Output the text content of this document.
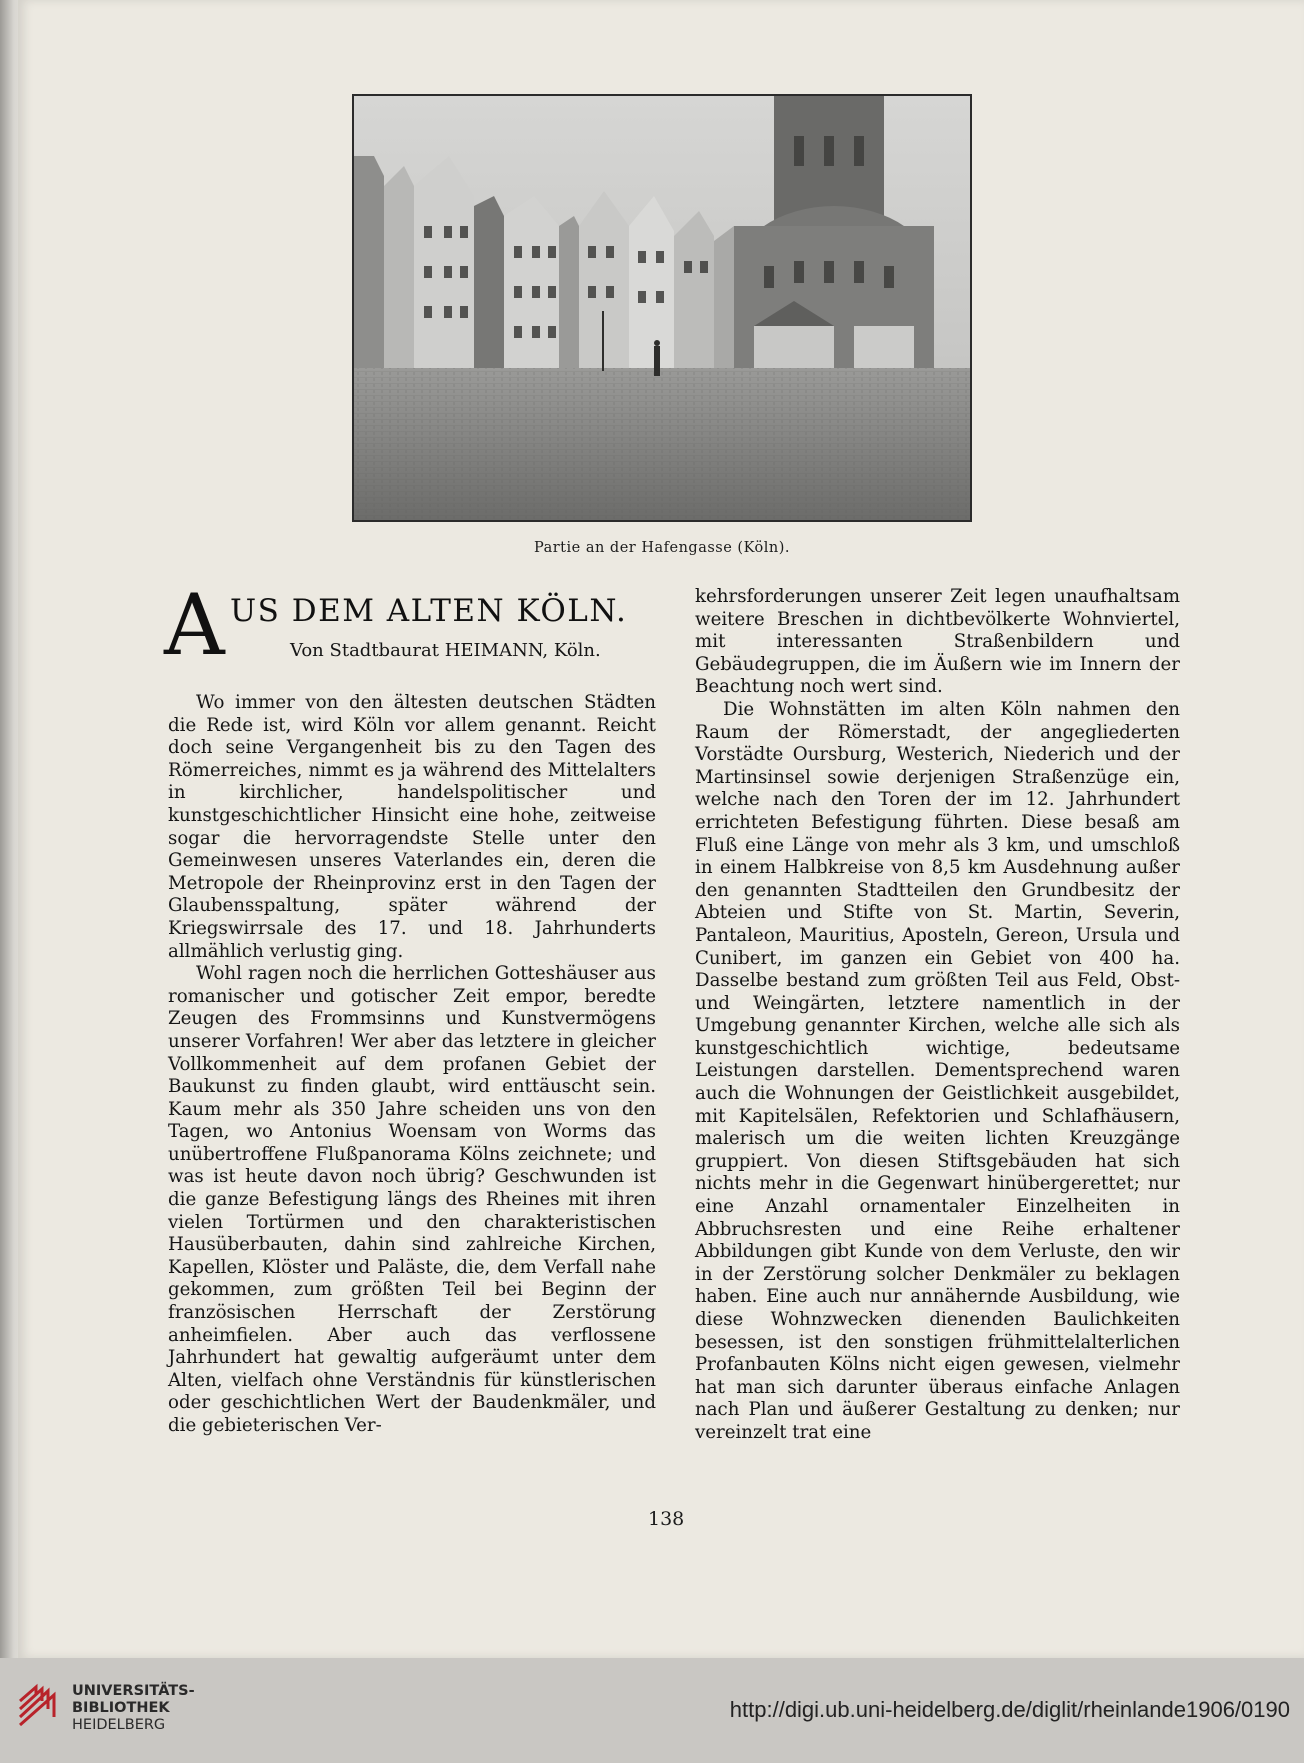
Partie an der Hafengasse (Köln).
A US DEM ALTEN KÖLN.
Von Stadtbaurat HEIMANN, Köln.

Wo immer von den ältesten deutschen Städten die Rede ist, wird Köln vor allem genannt. Reicht doch seine Vergangenheit bis zu den Tagen des Römerreiches, nimmt es ja während des Mittelalters in kirchlicher, handelspolitischer und kunstgeschichtlicher Hinsicht eine hohe, zeitweise sogar die hervorragendste Stelle unter den Gemeinwesen unseres Vaterlandes ein, deren die Metropole der Rheinprovinz erst in den Tagen der Glaubensspaltung, später während der Kriegswirrsale des 17. und 18. Jahrhunderts allmählich verlustig ging.

Wohl ragen noch die herrlichen Gotteshäuser aus romanischer und gotischer Zeit empor, beredte Zeugen des Frommsinns und Kunstvermögens unserer Vorfahren! Wer aber das letztere in gleicher Vollkommenheit auf dem profanen Gebiet der Baukunst zu finden glaubt, wird enttäuscht sein. Kaum mehr als 350 Jahre scheiden uns von den Tagen, wo Antonius Woensam von Worms das unübertroffene Flußpanorama Kölns zeichnete; und was ist heute davon noch übrig? Geschwunden ist die ganze Befestigung längs des Rheines mit ihren vielen Tortürmen und den charakteristischen Hausüberbauten, dahin sind zahlreiche Kirchen, Kapellen, Klöster und Paläste, die, dem Verfall nahe gekommen, zum größten Teil bei Beginn der französischen Herrschaft der Zerstörung anheimfielen. Aber auch das verflossene Jahrhundert hat gewaltig aufgeräumt unter dem Alten, vielfach ohne Verständnis für künstlerischen oder geschichtlichen Wert der Baudenkmäler, und die gebieterischen Ver-

kehrsforderungen unserer Zeit legen unaufhaltsam weitere Breschen in dichtbevölkerte Wohnviertel, mit interessanten Straßenbildern und Gebäudegruppen, die im Äußern wie im Innern der Beachtung noch wert sind.

Die Wohnstätten im alten Köln nahmen den Raum der Römerstadt, der angegliederten Vorstädte Oursburg, Westerich, Niederich und der Martinsinsel sowie derjenigen Straßenzüge ein, welche nach den Toren der im 12. Jahrhundert errichteten Befestigung führten. Diese besaß am Fluß eine Länge von mehr als 3 km, und umschloß in einem Halbkreise von 8,5 km Ausdehnung außer den genannten Stadtteilen den Grundbesitz der Abteien und Stifte von St. Martin, Severin, Pantaleon, Mauritius, Aposteln, Gereon, Ursula und Cunibert, im ganzen ein Gebiet von 400 ha. Dasselbe bestand zum größten Teil aus Feld, Obst- und Weingärten, letztere namentlich in der Umgebung genannter Kirchen, welche alle sich als kunstgeschichtlich wichtige, bedeutsame Leistungen darstellen. Dementsprechend waren auch die Wohnungen der Geistlichkeit ausgebildet, mit Kapitelsälen, Refektorien und Schlafhäusern, malerisch um die weiten lichten Kreuzgänge gruppiert. Von diesen Stiftsgebäuden hat sich nichts mehr in die Gegenwart hinübergerettet; nur eine Anzahl ornamentaler Einzelheiten in Abbruchsresten und eine Reihe erhaltener Abbildungen gibt Kunde von dem Verluste, den wir in der Zerstörung solcher Denkmäler zu beklagen haben. Eine auch nur annähernde Ausbildung, wie diese Wohnzwecken dienenden Baulichkeiten besessen, ist den sonstigen frühmittelalterlichen Profanbauten Kölns nicht eigen gewesen, vielmehr hat man sich darunter überaus einfache Anlagen nach Plan und äußerer Gestaltung zu denken; nur vereinzelt trat eine

138
UNIVERSITÄTS-
BIBLIOTHEK
HEIDELBERG
http://digi.ub.uni-heidelberg.de/diglit/rheinlande1906/0190
